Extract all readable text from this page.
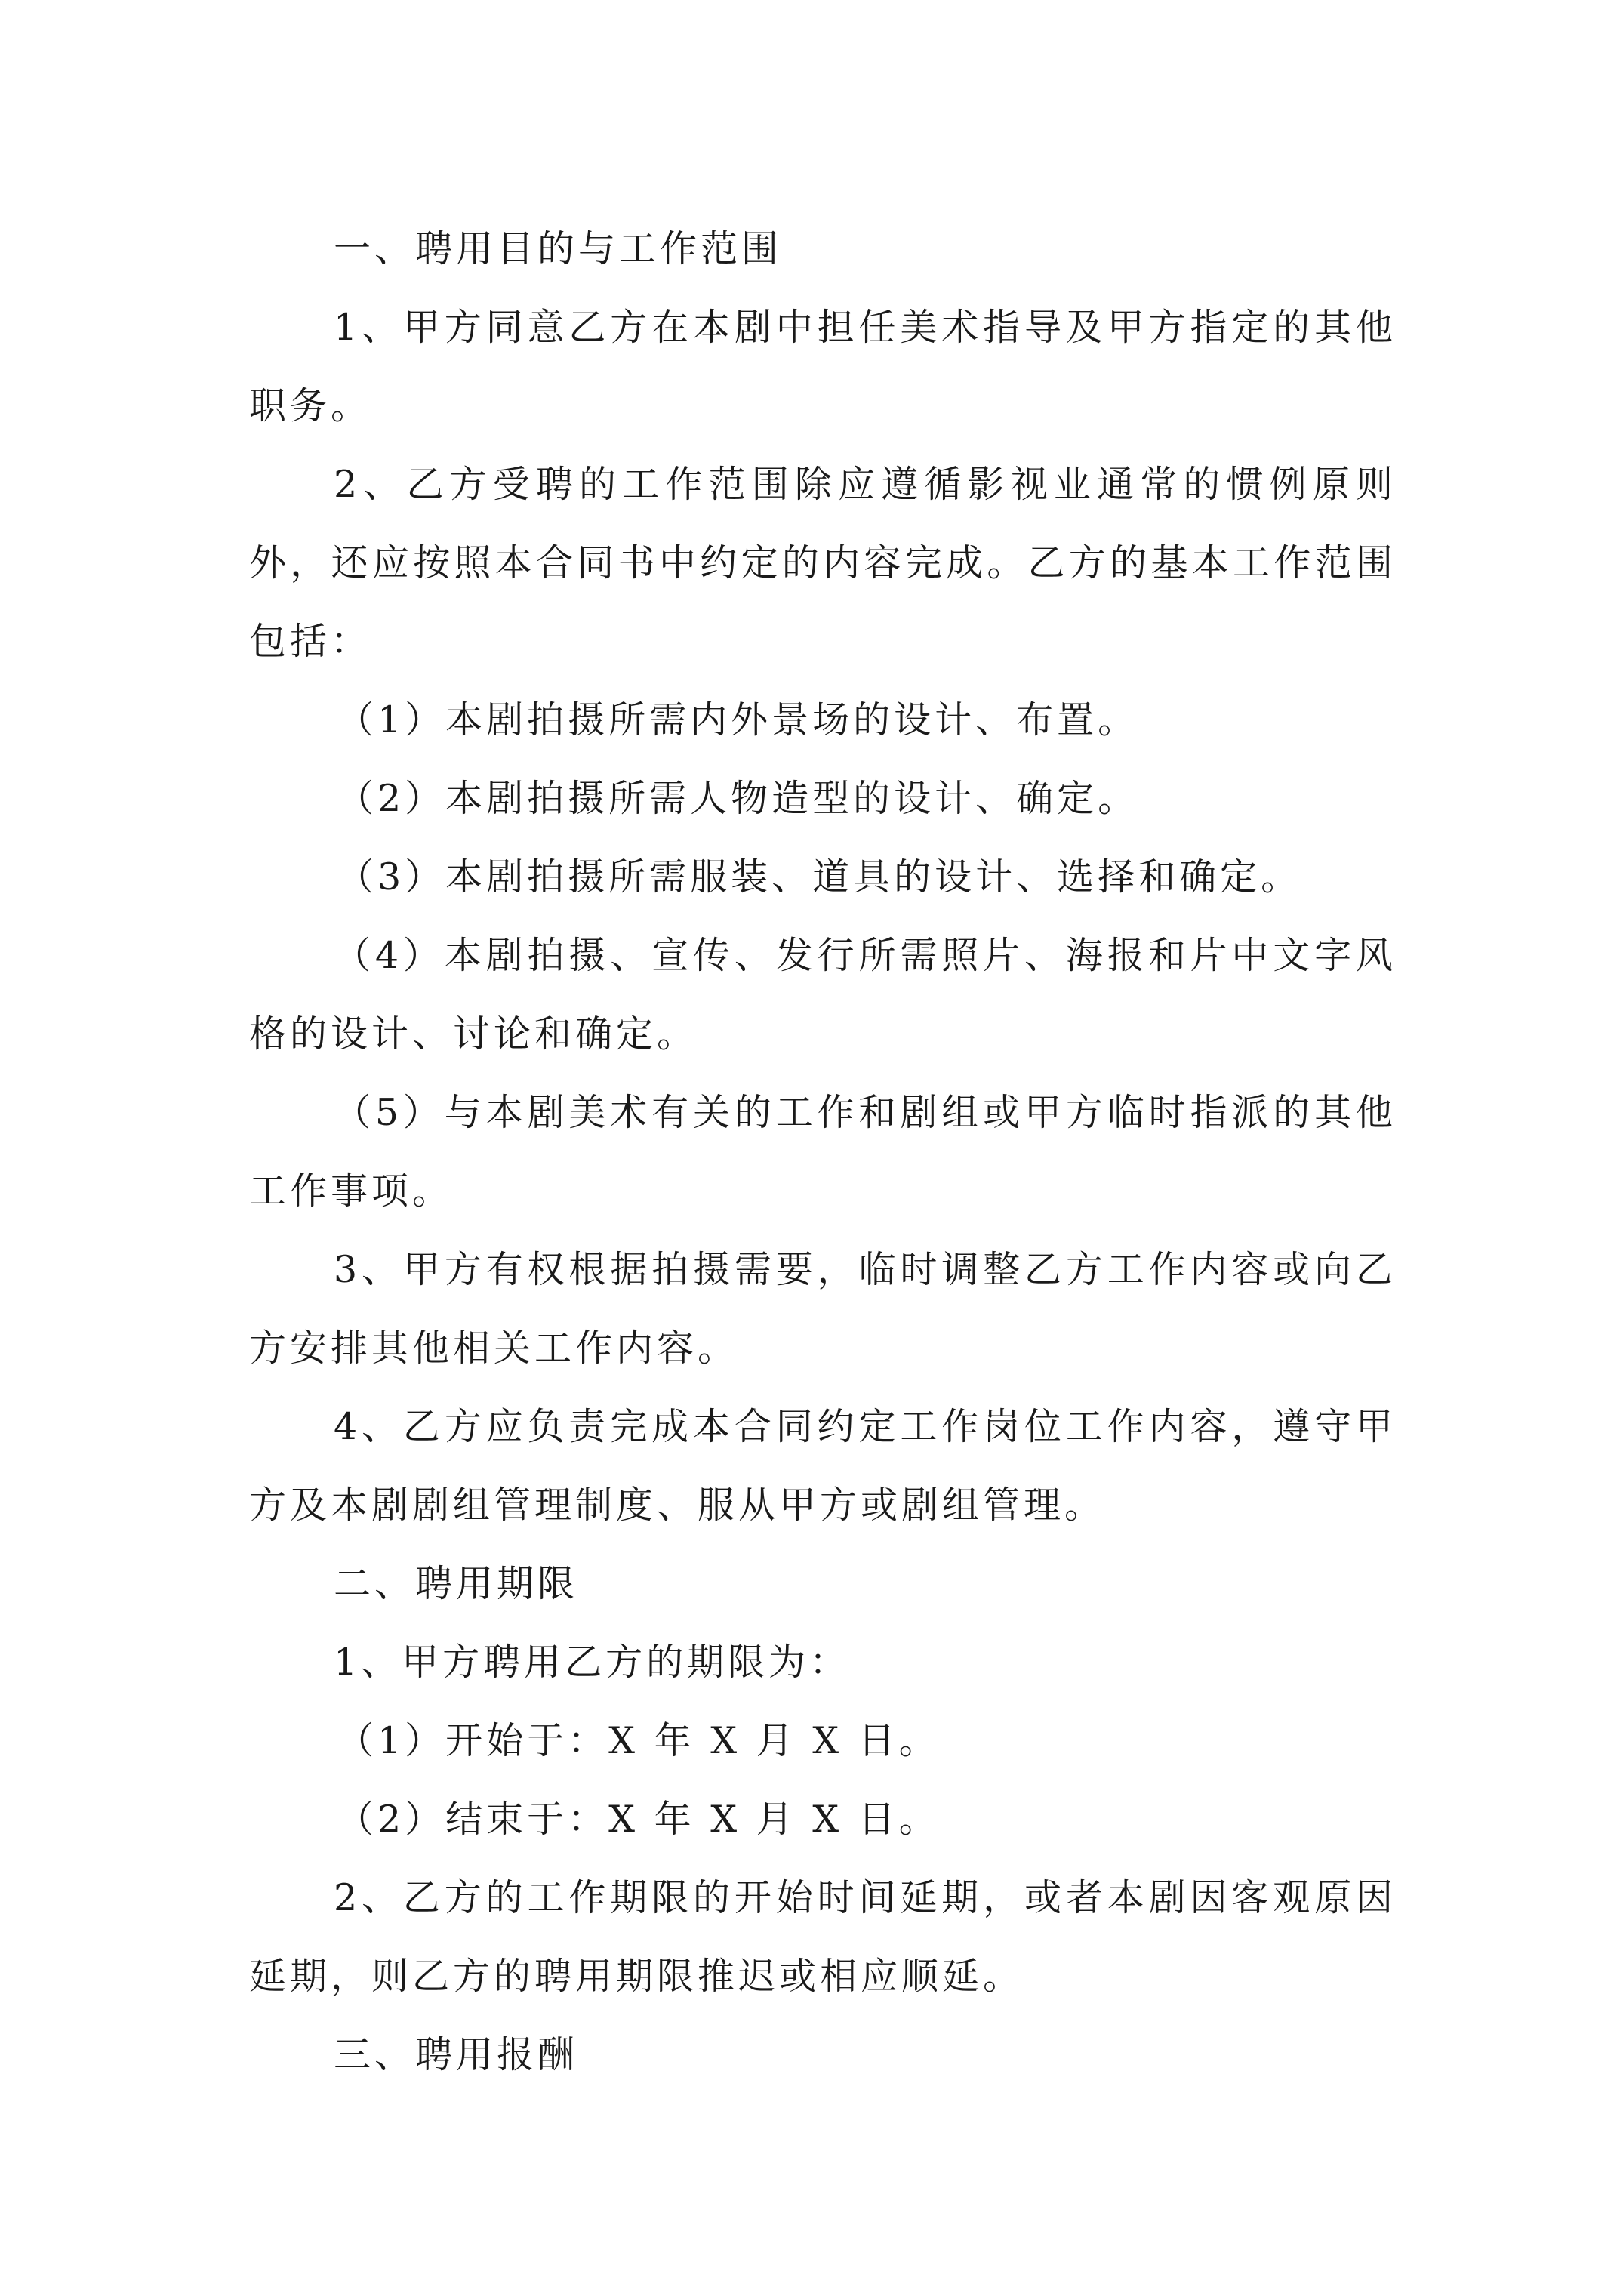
一、聘用目的与工作范围

1、甲方同意乙方在本剧中担任美术指导及甲方指定的其他职务。

2、乙方受聘的工作范围除应遵循影视业通常的惯例原则外，还应按照本合同书中约定的内容完成。乙方的基本工作范围包括：

（1）本剧拍摄所需内外景场的设计、布置。

（2）本剧拍摄所需人物造型的设计、确定。

（3）本剧拍摄所需服装、道具的设计、选择和确定。

（4）本剧拍摄、宣传、发行所需照片、海报和片中文字风格的设计、讨论和确定。

（5）与本剧美术有关的工作和剧组或甲方临时指派的其他工作事项。

3、甲方有权根据拍摄需要，临时调整乙方工作内容或向乙方安排其他相关工作内容。

4、乙方应负责完成本合同约定工作岗位工作内容，遵守甲方及本剧剧组管理制度、服从甲方或剧组管理。

二、聘用期限

1、甲方聘用乙方的期限为：

（1）开始于：X 年 X 月 X 日。

（2）结束于：X 年 X 月 X 日。

2、乙方的工作期限的开始时间延期，或者本剧因客观原因延期，则乙方的聘用期限推迟或相应顺延。

三、聘用报酬
